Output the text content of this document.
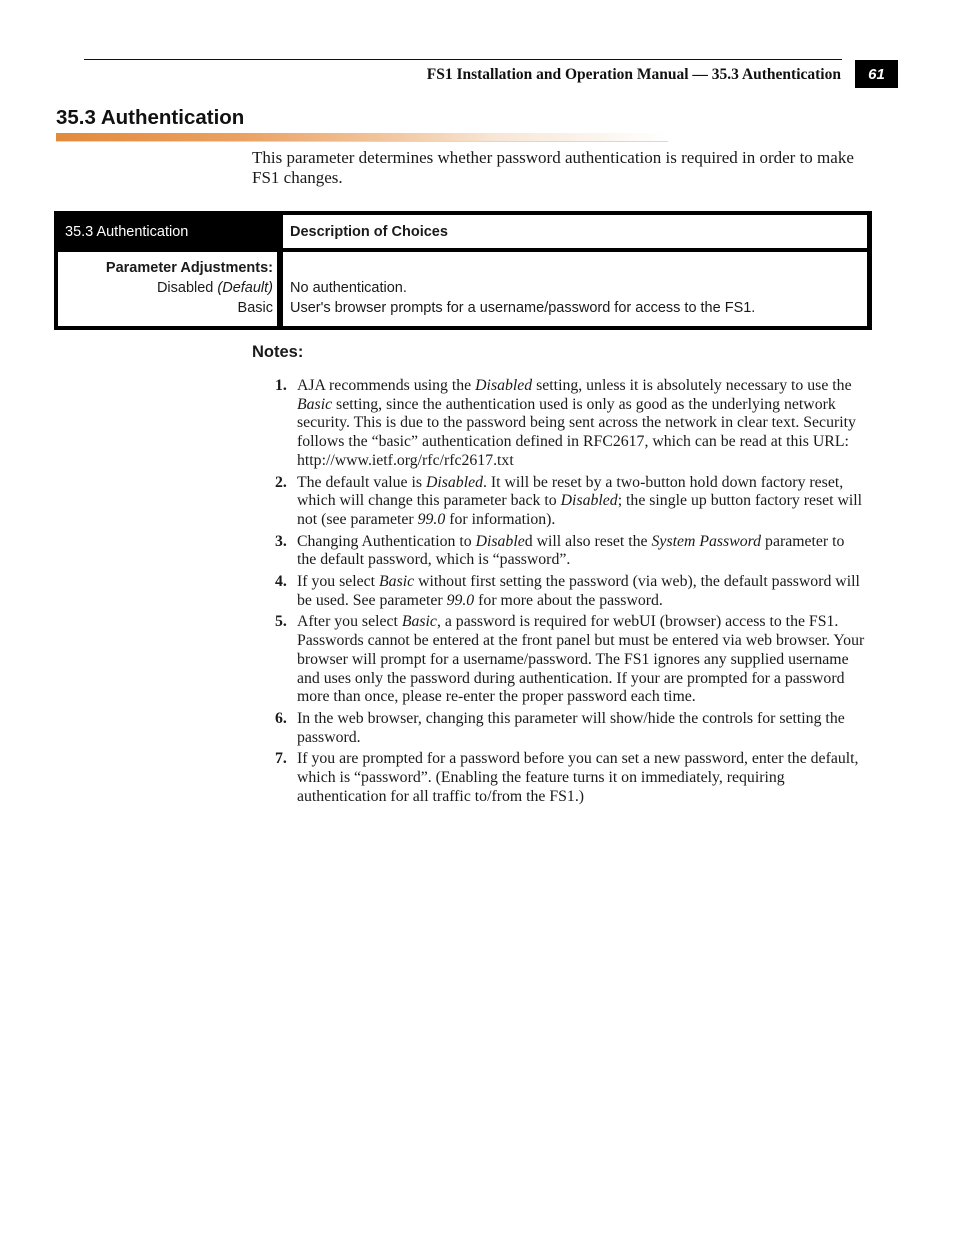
FS1 Installation and Operation Manual — 35.3 Authentication	61
35.3 Authentication

This parameter determines whether password authentication is required in order to make FS1 changes.

35.3 Authentication	Description of Choices
Parameter Adjustments:
Disabled (Default)
Basic
No authentication.
User's browser prompts for a username/password for access to the FS1.
Notes:
1. AJA recommends using the Disabled setting, unless it is absolutely necessary to use the Basic setting, since the authentication used is only as good as the underlying network security. This is due to the password being sent across the network in clear text. Security follows the “basic” authentication defined in RFC2617, which can be read at this URL: http://www.ietf.org/rfc/rfc2617.txt
2. The default value is Disabled. It will be reset by a two-button hold down factory reset, which will change this parameter back to Disabled; the single up button factory reset will not (see parameter 99.0 for information).
3. Changing Authentication to Disabled will also reset the System Password parameter to the default password, which is “password”.
4. If you select Basic without first setting the password (via web), the default password will be used. See parameter 99.0 for more about the password.
5. After you select Basic, a password is required for webUI (browser) access to the FS1. Passwords cannot be entered at the front panel but must be entered via web browser. Your browser will prompt for a username/password. The FS1 ignores any supplied username and uses only the password during authentication. If your are prompted for a password more than once, please re-enter the proper password each time.
6. In the web browser, changing this parameter will show/hide the controls for setting the password.
7. If you are prompted for a password before you can set a new password, enter the default, which is “password”. (Enabling the feature turns it on immediately, requiring authentication for all traffic to/from the FS1.)
